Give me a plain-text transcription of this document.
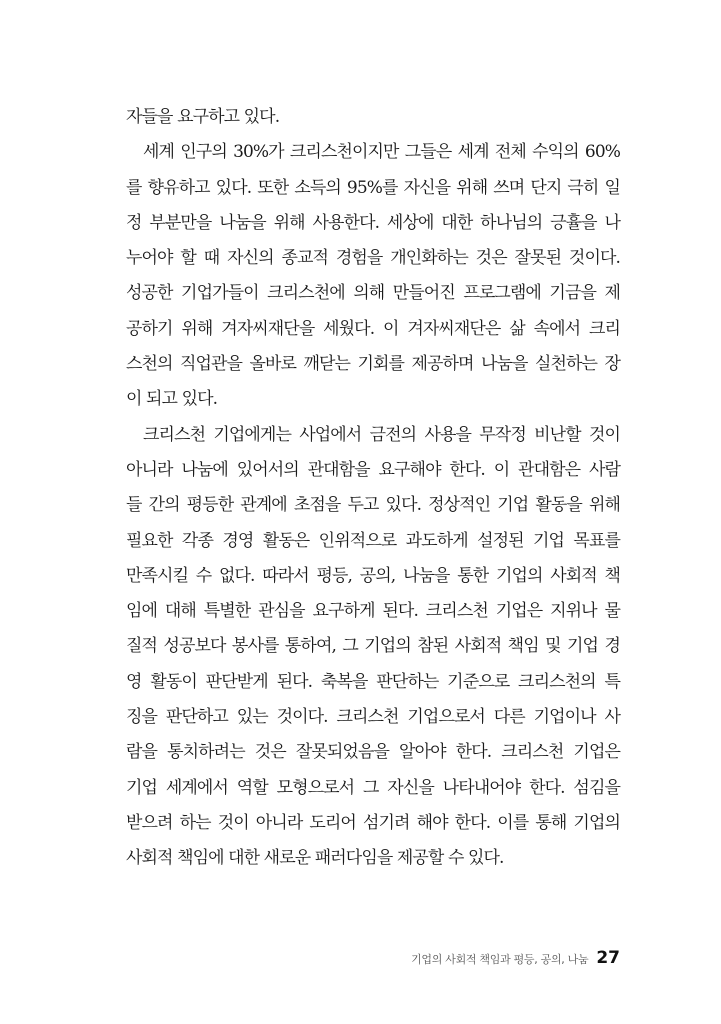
자들을 요구하고 있다.
세계 인구의 30%가 크리스천이지만 그들은 세계 전체 수익의 60%
를 향유하고 있다. 또한 소득의 95%를 자신을 위해 쓰며 단지 극히 일
정 부분만을 나눔을 위해 사용한다. 세상에 대한 하나님의 긍휼을 나
누어야 할 때 자신의 종교적 경험을 개인화하는 것은 잘못된 것이다.
성공한 기업가들이 크리스천에 의해 만들어진 프로그램에 기금을 제
공하기 위해 겨자씨재단을 세웠다. 이 겨자씨재단은 삶 속에서 크리
스천의 직업관을 올바로 깨닫는 기회를 제공하며 나눔을 실천하는 장
이 되고 있다.
크리스천 기업에게는 사업에서 금전의 사용을 무작정 비난할 것이
아니라 나눔에 있어서의 관대함을 요구해야 한다. 이 관대함은 사람
들 간의 평등한 관계에 초점을 두고 있다. 정상적인 기업 활동을 위해
필요한 각종 경영 활동은 인위적으로 과도하게 설정된 기업 목표를
만족시킬 수 없다. 따라서 평등, 공의, 나눔을 통한 기업의 사회적 책
임에 대해 특별한 관심을 요구하게 된다. 크리스천 기업은 지위나 물
질적 성공보다 봉사를 통하여, 그 기업의 참된 사회적 책임 및 기업 경
영 활동이 판단받게 된다. 축복을 판단하는 기준으로 크리스천의 특
징을 판단하고 있는 것이다. 크리스천 기업으로서 다른 기업이나 사
람을 통치하려는 것은 잘못되었음을 알아야 한다. 크리스천 기업은
기업 세계에서 역할 모형으로서 그 자신을 나타내어야 한다. 섬김을
받으려 하는 것이 아니라 도리어 섬기려 해야 한다. 이를 통해 기업의
사회적 책임에 대한 새로운 패러다임을 제공할 수 있다.
기업의 사회적 책임과 평등, 공의, 나눔 27
